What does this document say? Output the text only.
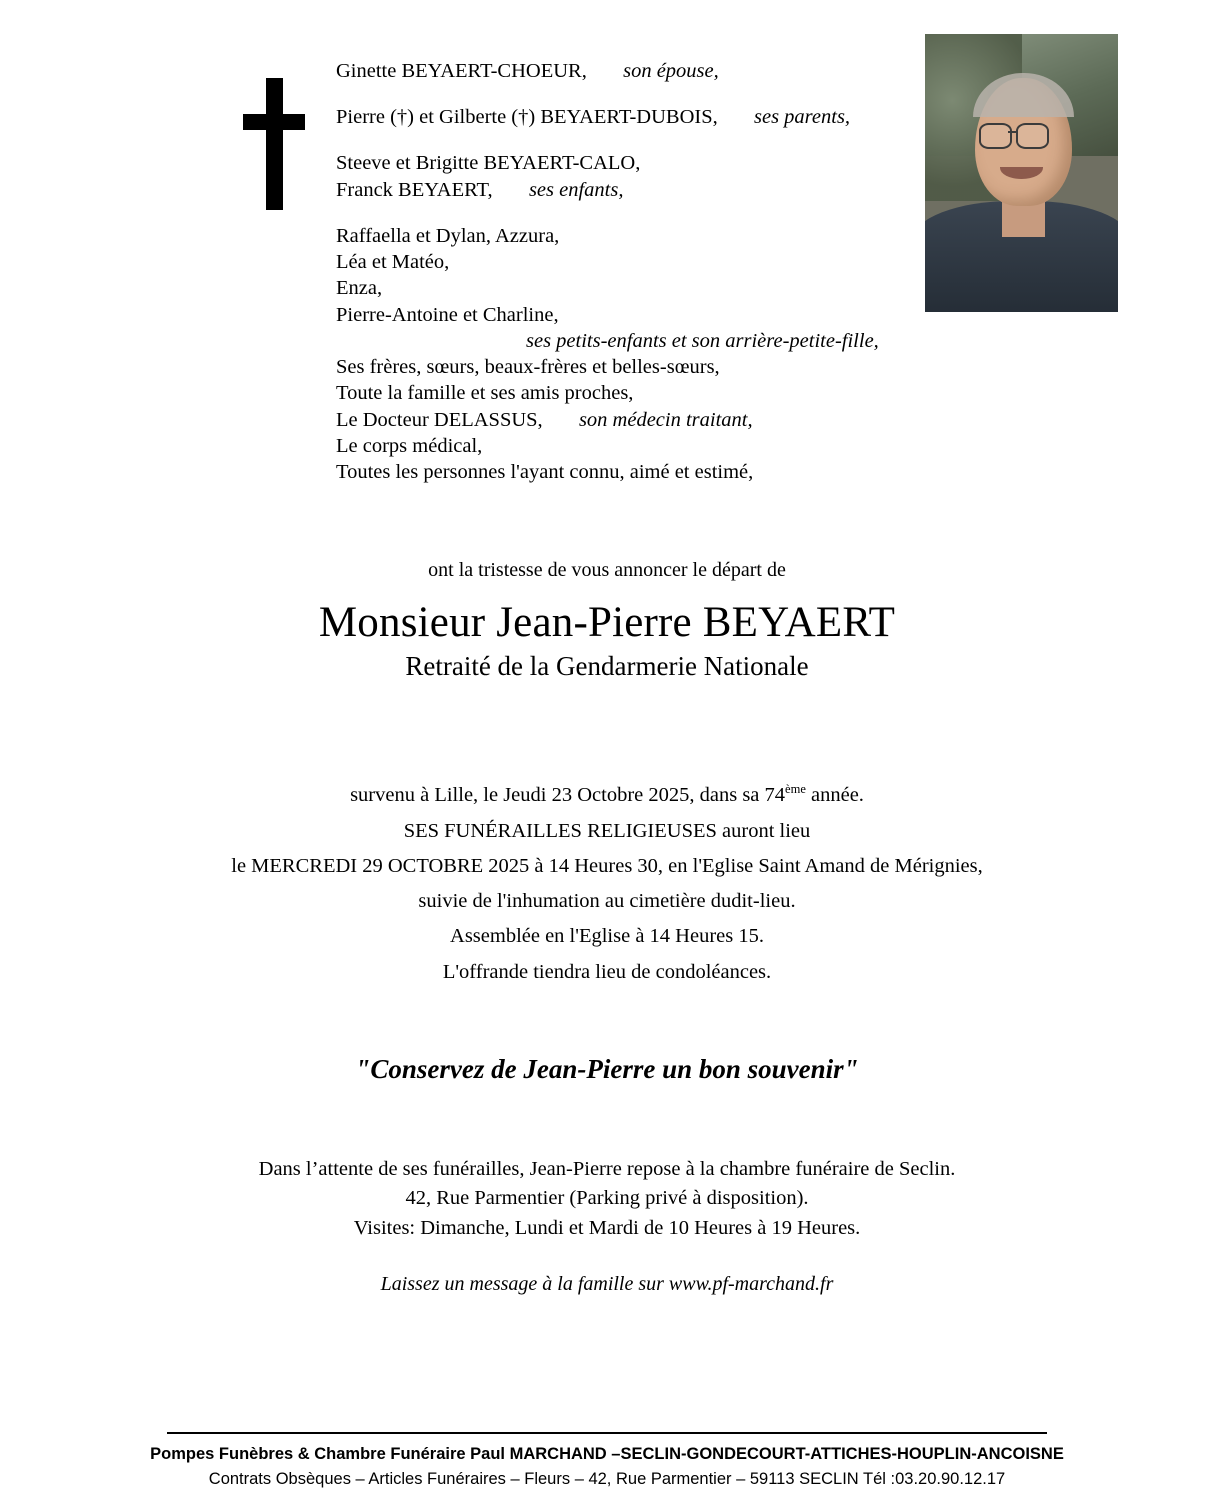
Ginette BEYAERT-CHOEUR, son épouse,
Pierre (†) et Gilberte (†) BEYAERT-DUBOIS, ses parents,
Steeve et Brigitte BEYAERT-CALO,
Franck BEYAERT, ses enfants,
Raffaella et Dylan, Azzura,
Léa et Matéo,
Enza,
Pierre-Antoine et Charline,
ses petits-enfants et son arrière-petite-fille,
Ses frères, sœurs, beaux-frères et belles-sœurs,
Toute la famille et ses amis proches,
Le Docteur DELASSUS, son médecin traitant,
Le corps médical,
Toutes les personnes l'ayant connu, aimé et estimé,
ont la tristesse de vous annoncer le départ de
Monsieur Jean-Pierre BEYAERT
Retraité de la Gendarmerie Nationale
survenu à Lille, le Jeudi 23 Octobre 2025, dans sa 74ème année.
SES FUNÉRAILLES RELIGIEUSES auront lieu
le MERCREDI 29 OCTOBRE 2025 à 14 Heures 30, en l'Eglise Saint Amand de Mérignies,
suivie de l'inhumation au cimetière dudit-lieu.
Assemblée en l'Eglise à 14 Heures 15.
L'offrande tiendra lieu de condoléances.
"Conservez de Jean-Pierre un bon souvenir"
Dans l’attente de ses funérailles, Jean-Pierre repose à la chambre funéraire de Seclin.
42, Rue Parmentier (Parking privé à disposition).
Visites: Dimanche, Lundi et Mardi de 10 Heures à 19 Heures.
Laissez un message à la famille sur www.pf-marchand.fr
Pompes Funèbres & Chambre Funéraire Paul MARCHAND –SECLIN-GONDECOURT-ATTICHES-HOUPLIN-ANCOISNE
Contrats Obsèques – Articles Funéraires – Fleurs – 42, Rue Parmentier – 59113 SECLIN Tél :03.20.90.12.17
